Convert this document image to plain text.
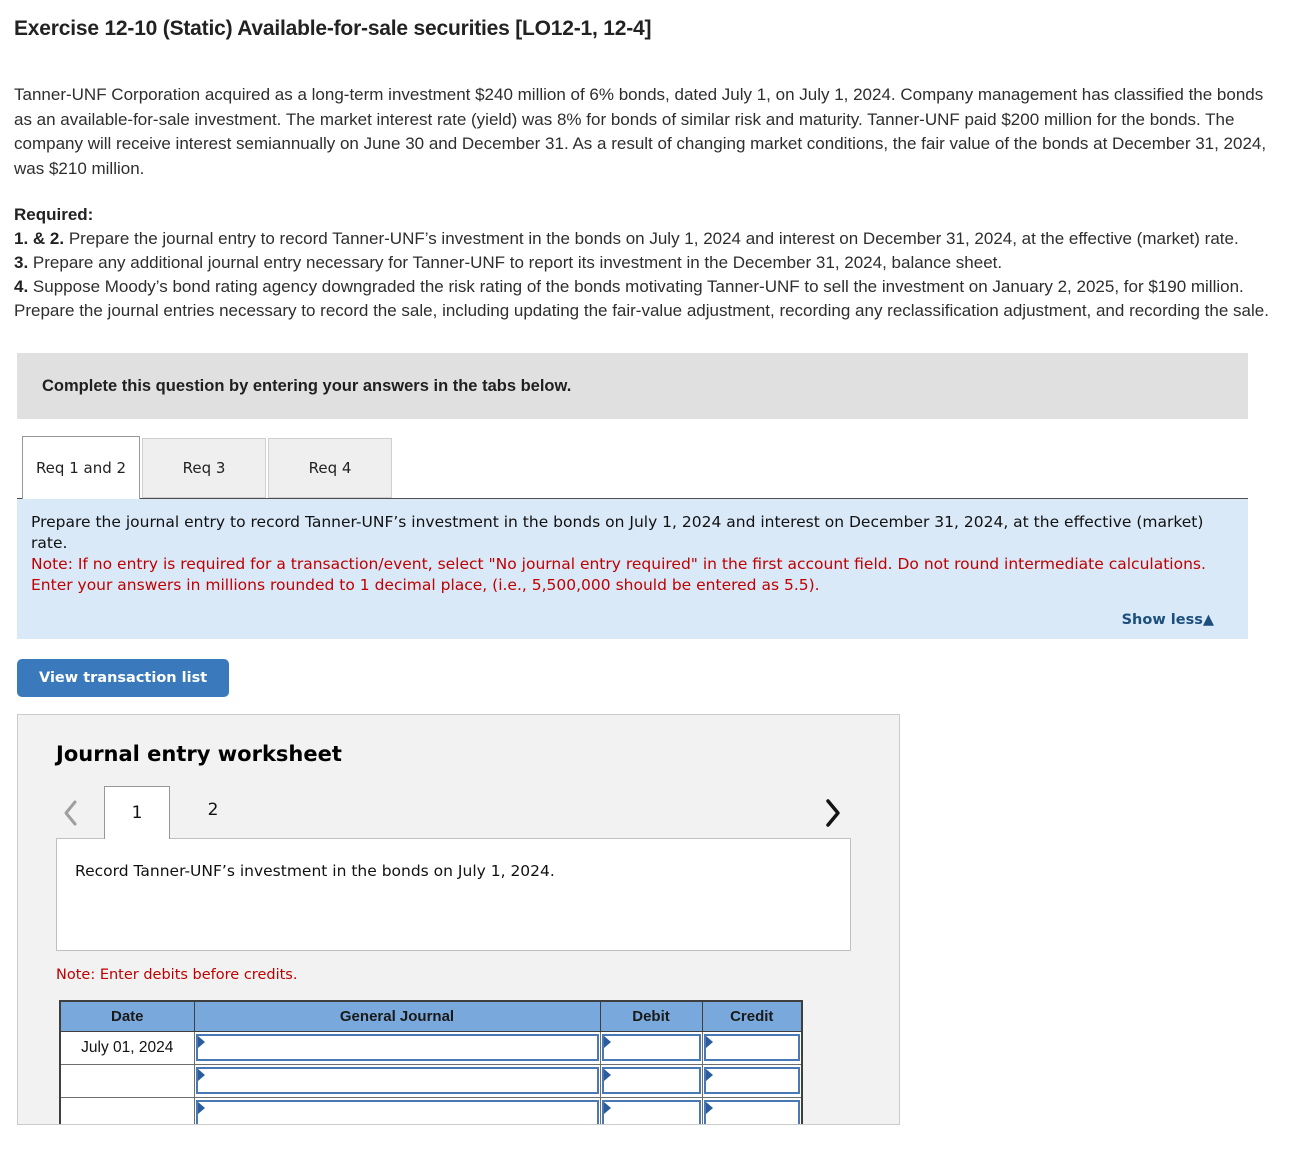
Exercise 12-10 (Static) Available-for-sale securities [LO12-1, 12-4]
Tanner-UNF Corporation acquired as a long-term investment $240 million of 6% bonds, dated July 1, on July 1, 2024. Company management has classified the bonds as an available-for-sale investment. The market interest rate (yield) was 8% for bonds of similar risk and maturity. Tanner-UNF paid $200 million for the bonds. The company will receive interest semiannually on June 30 and December 31. As a result of changing market conditions, the fair value of the bonds at December 31, 2024, was $210 million.
Required:
1. & 2. Prepare the journal entry to record Tanner-UNF’s investment in the bonds on July 1, 2024 and interest on December 31, 2024, at the effective (market) rate.
3. Prepare any additional journal entry necessary for Tanner-UNF to report its investment in the December 31, 2024, balance sheet.
4. Suppose Moody’s bond rating agency downgraded the risk rating of the bonds motivating Tanner-UNF to sell the investment on January 2, 2025, for $190 million. Prepare the journal entries necessary to record the sale, including updating the fair-value adjustment, recording any reclassification adjustment, and recording the sale.
Complete this question by entering your answers in the tabs below.
Req 1 and 2	Req 3	Req 4
Prepare the journal entry to record Tanner-UNF’s investment in the bonds on July 1, 2024 and interest on December 31, 2024, at the effective (market) rate.
Note: If no entry is required for a transaction/event, select "No journal entry required" in the first account field. Do not round intermediate calculations. Enter your answers in millions rounded to 1 decimal place, (i.e., 5,500,000 should be entered as 5.5).
Show less▲
View transaction list
Journal entry worksheet
1	2
Record Tanner-UNF’s investment in the bonds on July 1, 2024.
Note: Enter debits before credits.
Date	General Journal	Debit	Credit
July 01, 2024	
